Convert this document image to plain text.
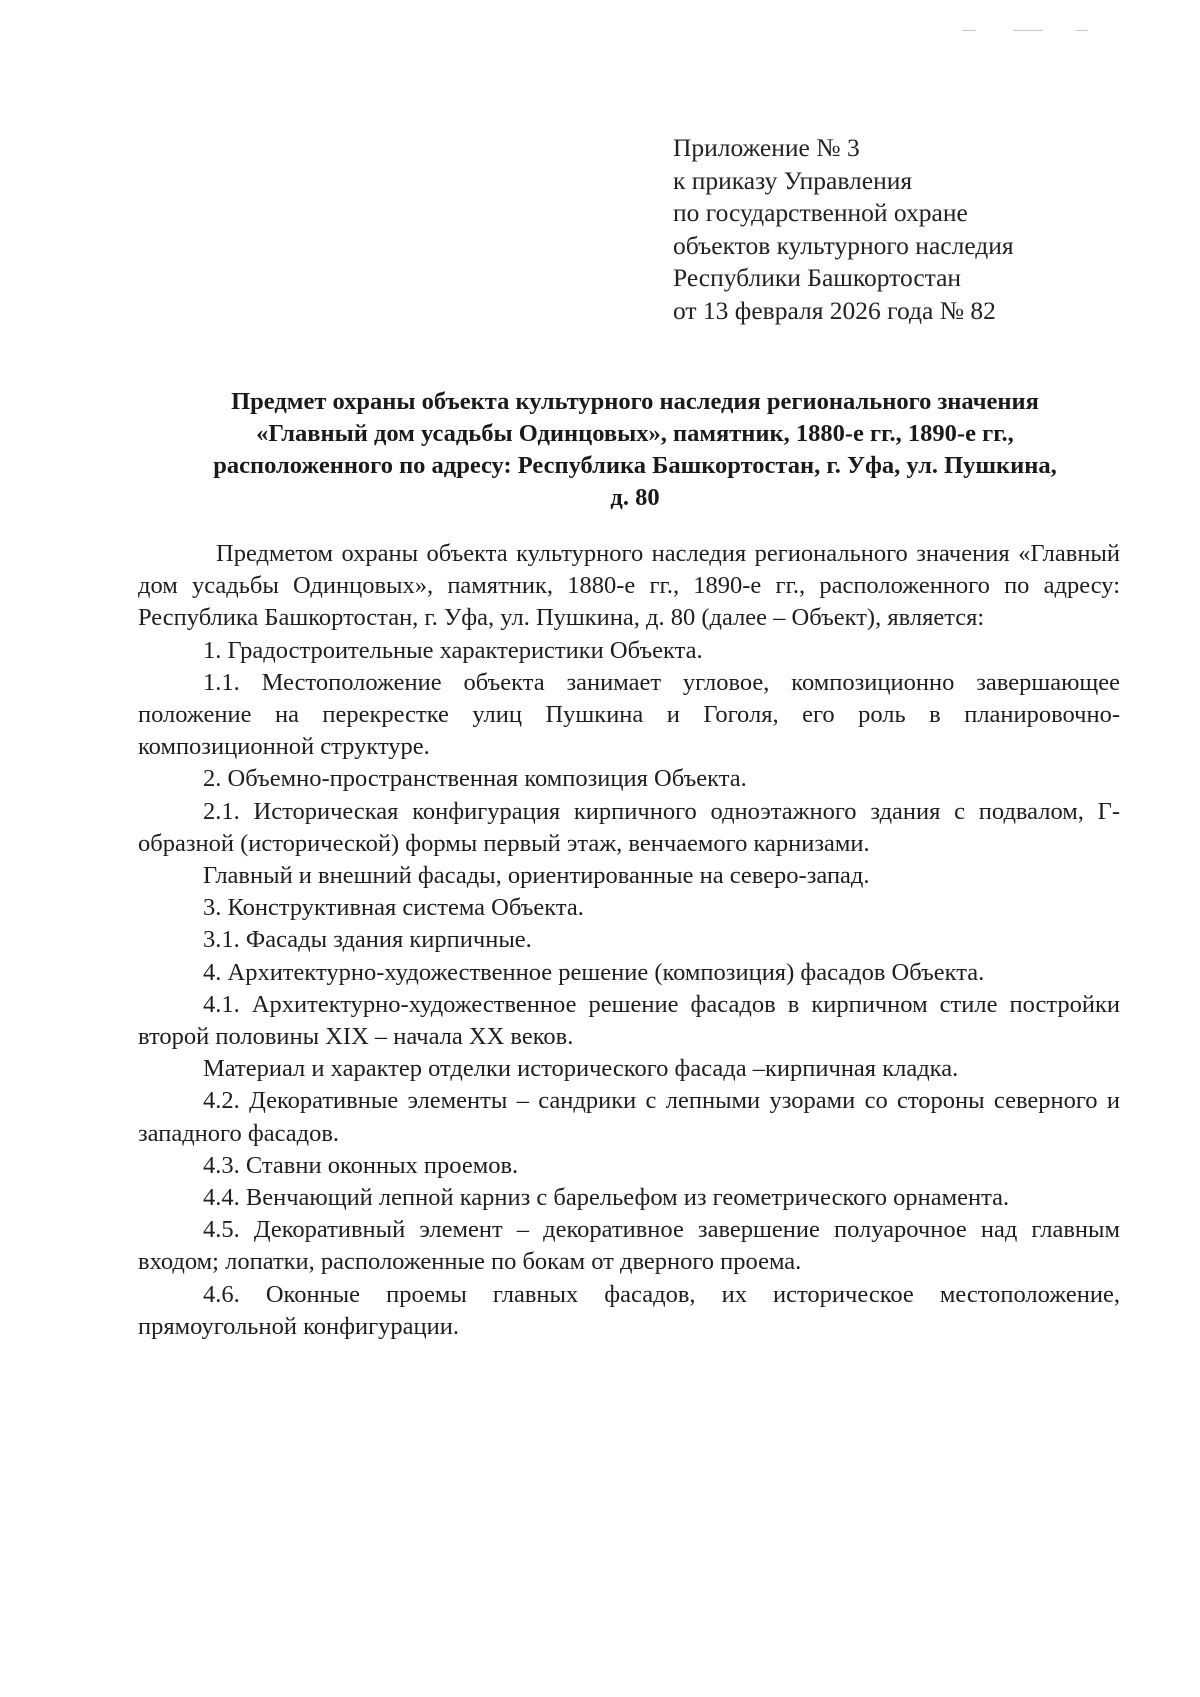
Приложение № 3
к приказу Управления
по государственной охране
объектов культурного наследия
Республики Башкортостан
от 13 февраля 2026 года № 82
Предмет охраны объекта культурного наследия регионального значения
«Главный дом усадьбы Одинцовых», памятник, 1880-е гг., 1890-е гг.,
расположенного по адресу: Республика Башкортостан, г. Уфа, ул. Пушкина,
д. 80

Предметом охраны объекта культурного наследия регионального значения «Главный дом усадьбы Одинцовых», памятник, 1880-е гг., 1890-е гг., расположенного по адресу: Республика Башкортостан, г. Уфа, ул. Пушкина, д. 80 (далее – Объект), является:

1. Градостроительные характеристики Объекта.

1.1. Местоположение объекта занимает угловое, композиционно завершающее положение на перекрестке улиц Пушкина и Гоголя, его роль в планировочно-композиционной структуре.

2. Объемно-пространственная композиция Объекта.

2.1. Историческая конфигурация кирпичного одноэтажного здания с подвалом, Г-образной (исторической) формы первый этаж, венчаемого карнизами.

Главный и внешний фасады, ориентированные на северо-запад.

3. Конструктивная система Объекта.

3.1. Фасады здания кирпичные.

4. Архитектурно-художественное решение (композиция) фасадов Объекта.

4.1. Архитектурно-художественное решение фасадов в кирпичном стиле постройки второй половины XIX – начала XX веков.

Материал и характер отделки исторического фасада –кирпичная кладка.

4.2. Декоративные элементы – сандрики с лепными узорами со стороны северного и западного фасадов.

4.3. Ставни оконных проемов.

4.4. Венчающий лепной карниз с барельефом из геометрического орнамента.

4.5. Декоративный элемент – декоративное завершение полуарочное над главным входом; лопатки, расположенные по бокам от дверного проема.

4.6. Оконные проемы главных фасадов, их историческое местоположение, прямоугольной конфигурации.
